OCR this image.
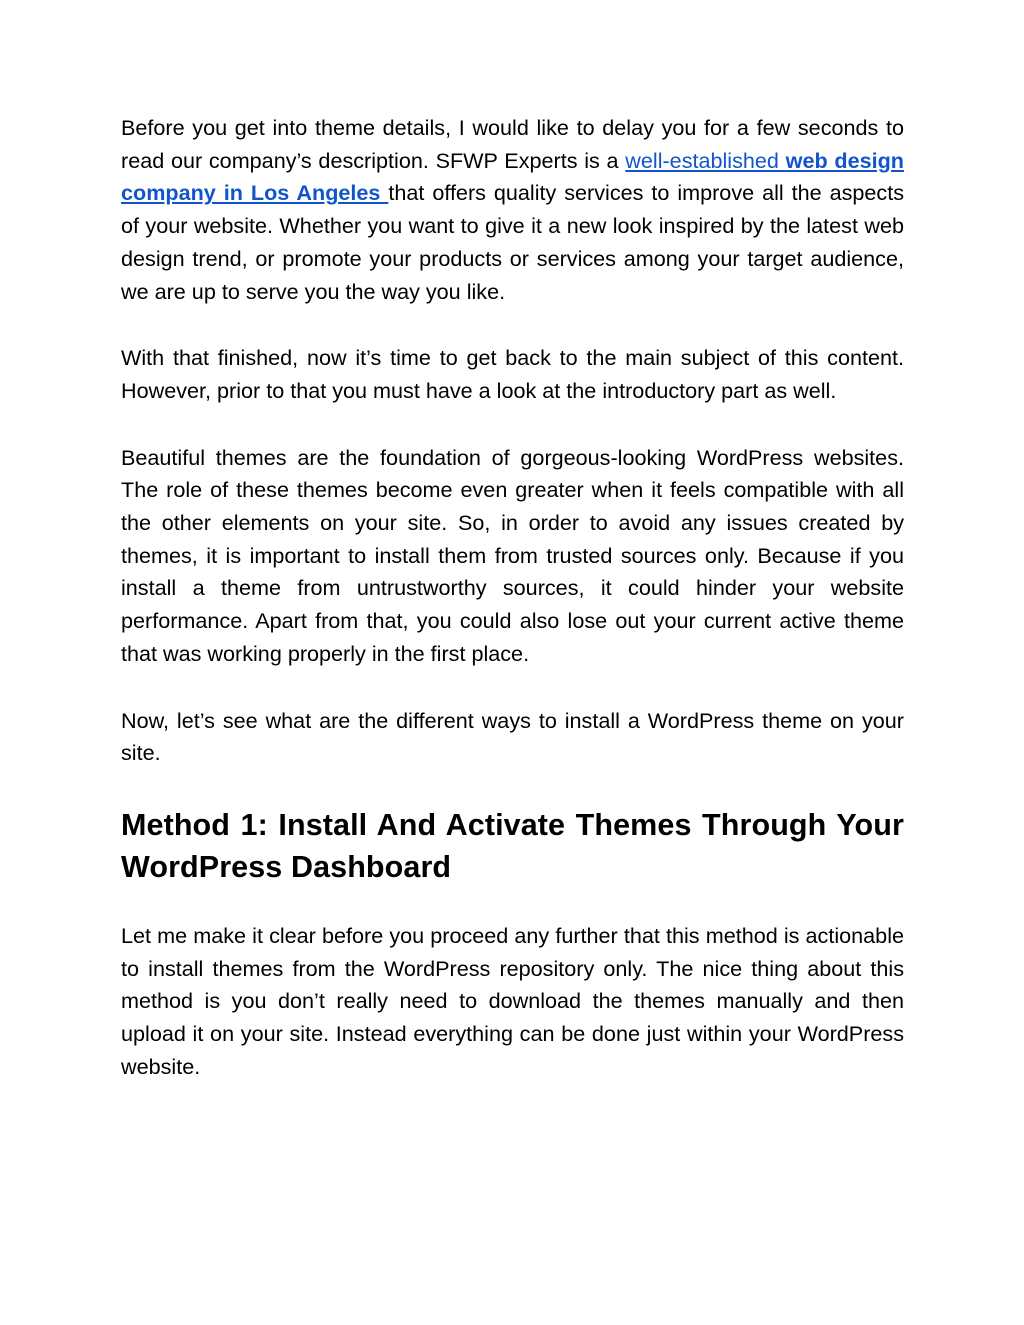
Before you get into theme details, I would like to delay you for a few seconds to read our company’s description. SFWP Experts is a well-established web design company in Los Angeles that offers quality services to improve all the aspects of your website. Whether you want to give it a new look inspired by the latest web design trend, or promote your products or services among your target audience, we are up to serve you the way you like.

With that finished, now it’s time to get back to the main subject of this content. However, prior to that you must have a look at the introductory part as well.

Beautiful themes are the foundation of gorgeous-looking WordPress websites. The role of these themes become even greater when it feels compatible with all the other elements on your site. So, in order to avoid any issues created by themes, it is important to install them from trusted sources only. Because if you install a theme from untrustworthy sources, it could hinder your website performance. Apart from that, you could also lose out your current active theme that was working properly in the first place.

Now, let’s see what are the different ways to install a WordPress theme on your site.

Method 1: Install And Activate Themes Through Your WordPress Dashboard

Let me make it clear before you proceed any further that this method is actionable to install themes from the WordPress repository only. The nice thing about this method is you don’t really need to download the themes manually and then upload it on your site. Instead everything can be done just within your WordPress website.
